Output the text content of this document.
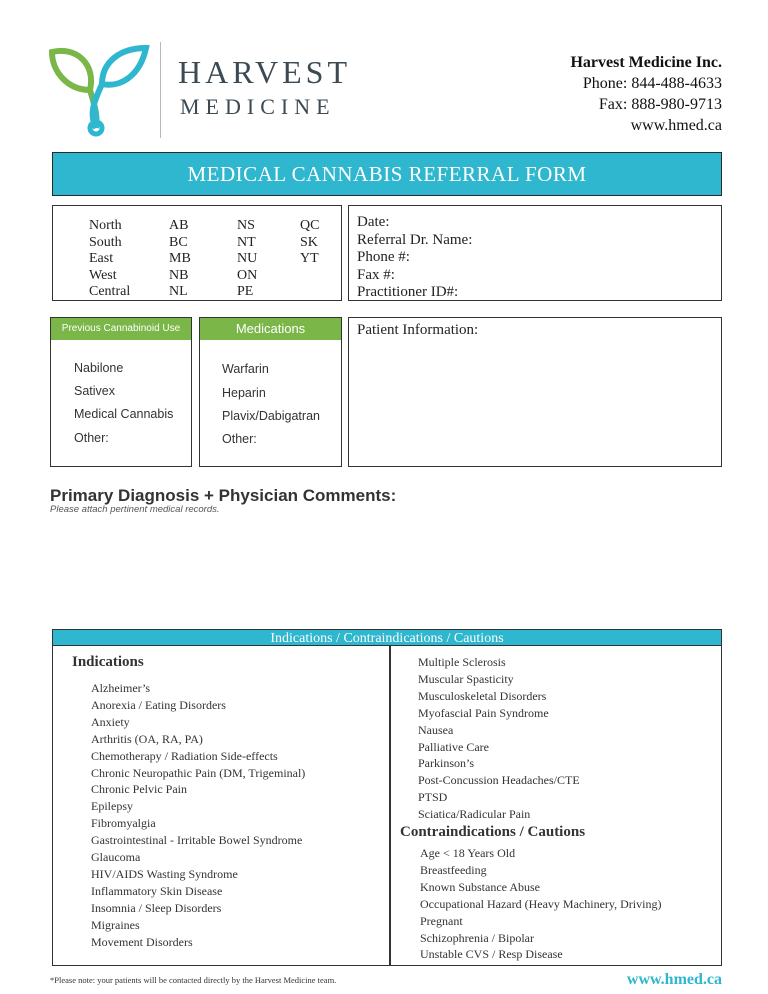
HARVEST
MEDICINE
Harvest Medicine Inc.
Phone: 844-488-4633
Fax: 888-980-9713
www.hmed.ca
MEDICAL CANNABIS REFERRAL FORM
North
South
East
West
Central
AB
BC
MB
NB
NL
NS
NT
NU
ON
PE
QC
SK
YT
Date:
Referral Dr. Name:
Phone #:
Fax #:
Practitioner ID#:
Previous Cannabinoid Use
Nabilone
Sativex
Medical Cannabis
Other:
Medications
Warfarin
Heparin
Plavix/Dabigatran
Other:
Patient Information:
Primary Diagnosis + Physician Comments:
Please attach pertinent medical records.
Indications / Contraindications / Cautions
Indications
Alzheimer’s
Anorexia / Eating Disorders
Anxiety
Arthritis (OA, RA, PA)
Chemotherapy / Radiation Side-effects
Chronic Neuropathic Pain (DM, Trigeminal)
Chronic Pelvic Pain
Epilepsy
Fibromyalgia
Gastrointestinal - Irritable Bowel Syndrome
Glaucoma
HIV/AIDS Wasting Syndrome
Inflammatory Skin Disease
Insomnia / Sleep Disorders
Migraines
Movement Disorders
Multiple Sclerosis
Muscular Spasticity
Musculoskeletal Disorders
Myofascial Pain Syndrome
Nausea
Palliative Care
Parkinson’s
Post-Concussion Headaches/CTE
PTSD
Sciatica/Radicular Pain
Contraindications / Cautions
Age < 18 Years Old
Breastfeeding
Known Substance Abuse
Occupational Hazard (Heavy Machinery, Driving)
Pregnant
Schizophrenia / Bipolar
Unstable CVS / Resp Disease
*Please note: your patients will be contacted directly by the Harvest Medicine team.	www.hmed.ca
